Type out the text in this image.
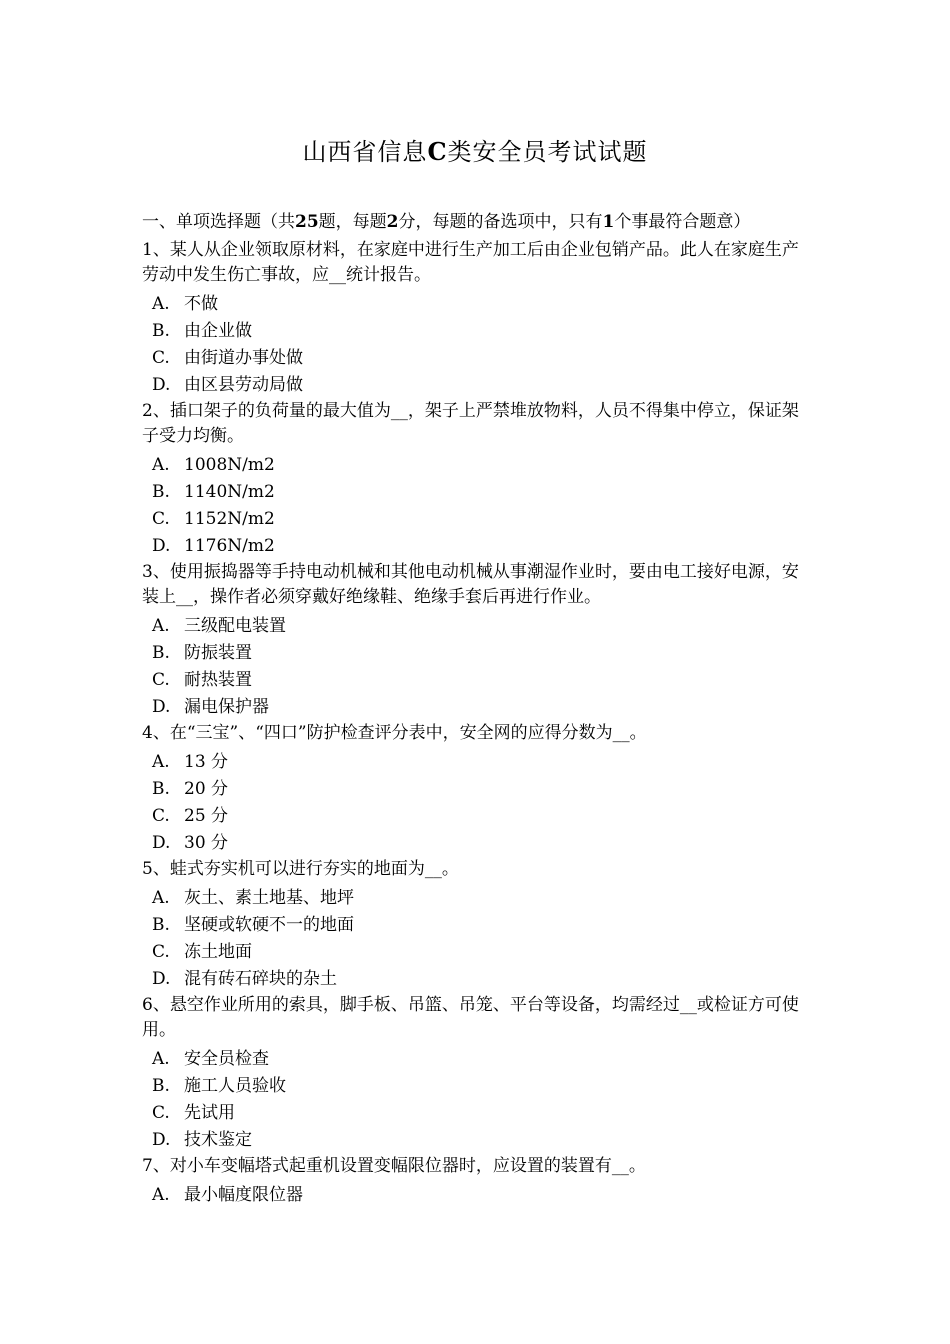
山西省信息C类安全员考试试题
一、单项选择题（共25题，每题2分，每题的备选项中，只有1个事最符合题意）
1、某人从企业领取原材料，在家庭中进行生产加工后由企业包销产品。此人在家庭生产劳动中发生伤亡事故，应__统计报告。
A. 不做
B. 由企业做
C. 由街道办事处做
D. 由区县劳动局做
2、插口架子的负荷量的最大值为__，架子上严禁堆放物料，人员不得集中停立，保证架子受力均衡。
A. 1008N/m2
B. 1140N/m2
C. 1152N/m2
D. 1176N/m2
3、使用振捣器等手持电动机械和其他电动机械从事潮湿作业时，要由电工接好电源，安装上__，操作者必须穿戴好绝缘鞋、绝缘手套后再进行作业。
A. 三级配电装置
B. 防振装置
C. 耐热装置
D. 漏电保护器
4、在“三宝”、“四口”防护检查评分表中，安全网的应得分数为__。
A. 13 分
B. 20 分
C. 25 分
D. 30 分
5、蛙式夯实机可以进行夯实的地面为__。
A. 灰土、素土地基、地坪
B. 坚硬或软硬不一的地面
C. 冻土地面
D. 混有砖石碎块的杂土
6、悬空作业所用的索具，脚手板、吊篮、吊笼、平台等设备，均需经过__或检证方可使用。
A. 安全员检查
B. 施工人员验收
C. 先试用
D. 技术鉴定
7、对小车变幅塔式起重机设置变幅限位器时，应设置的装置有__。
A. 最小幅度限位器
